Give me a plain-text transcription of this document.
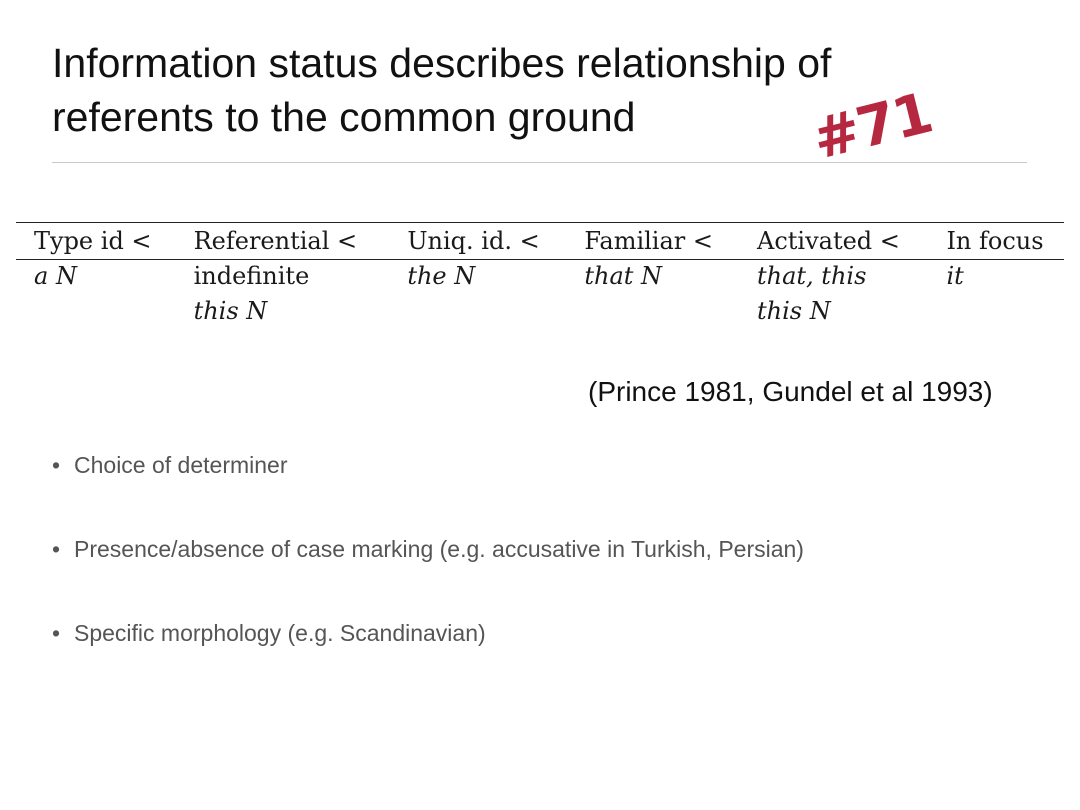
Information status describes relationship of
referents to the common ground	#71
Type id <	Referential <	Uniq. id. <	Familiar <	Activated <	In focus
a N	indefinite	the N	that N	that, this	it
	this N			this N	

(Prince 1981, Gundel et al 1993)

• Choice of determiner
• Presence/absence of case marking (e.g. accusative in Turkish, Persian)
• Specific morphology (e.g. Scandinavian)
